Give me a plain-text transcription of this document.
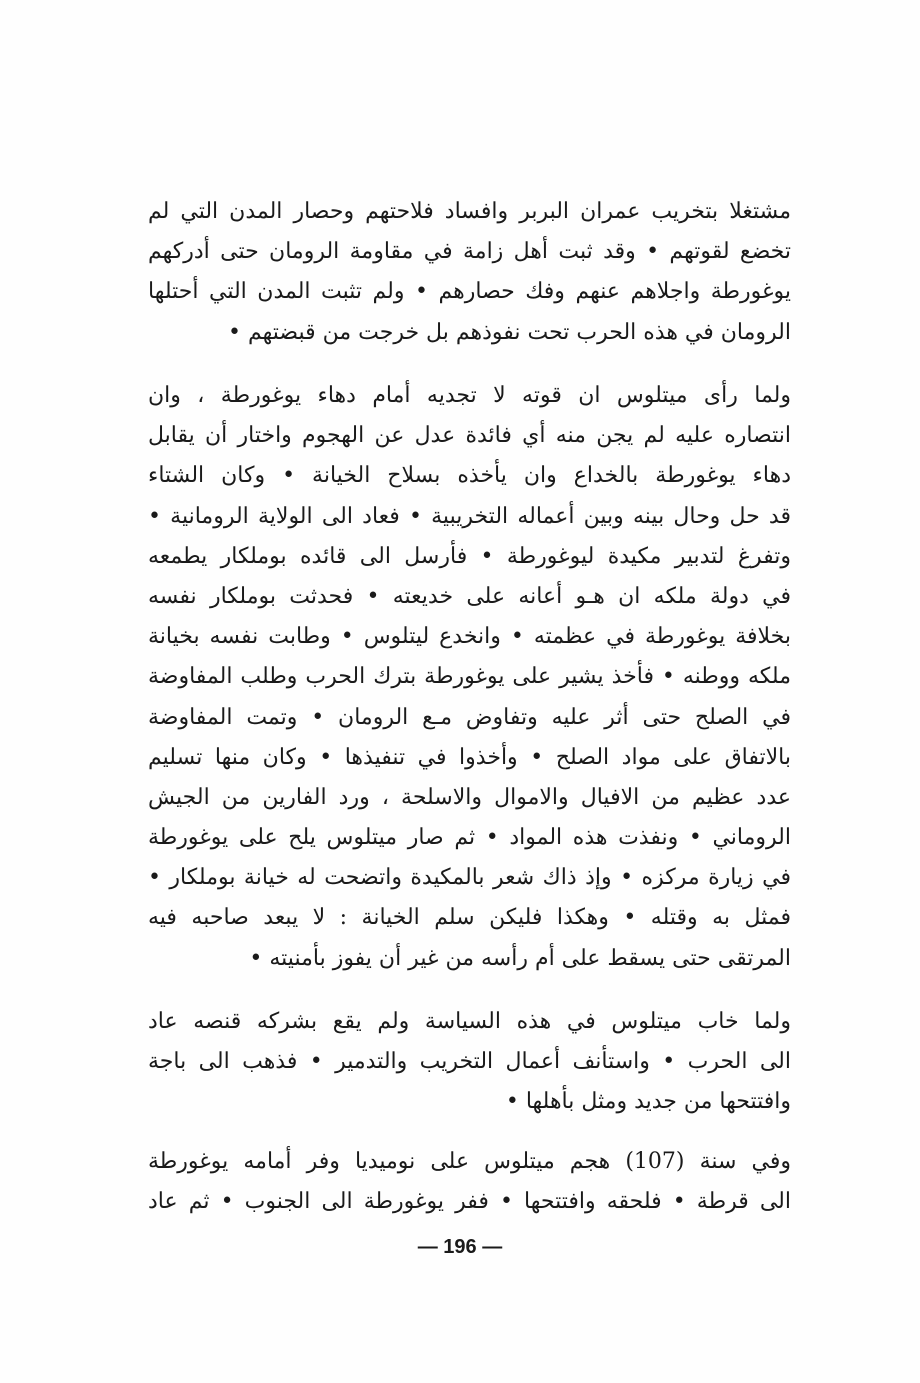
مشتغلا بتخريب عمران البربر وافساد فلاحتهم وحصار المدن التي لم
تخضع لقوتهم • وقد ثبت أهل زامة في مقاومة الرومان حتى أدركهم
يوغورطة واجلاهم عنهم وفك حصارهم • ولم تثبت المدن التي أحتلها
الرومان في هذه الحرب تحت نفوذهم بل خرجت من قبضتهم •
ولما رأى ميتلوس ان قوته لا تجديه أمام دهاء يوغورطة ، وان
انتصاره عليه لم يجن منه أي فائدة عدل عن الهجوم واختار أن يقابل
دهاء يوغورطة بالخداع وان يأخذه بسلاح الخيانة • وكان الشتاء
قد حل وحال بينه وبين أعماله التخريبية • فعاد الى الولاية الرومانية •
وتفرغ لتدبير مكيدة ليوغورطة • فأرسل الى قائده بوملكار يطمعه
في دولة ملكه ان هـو أعانه على خديعته • فحدثت بوملكار نفسه
بخلافة يوغورطة في عظمته • وانخدع ليتلوس • وطابت نفسه بخيانة
ملكه ووطنه • فأخذ يشير على يوغورطة بترك الحرب وطلب المفاوضة
في الصلح حتى أثر عليه وتفاوض مـع الرومان • وتمت المفاوضة
بالاتفاق على مواد الصلح • وأخذوا في تنفيذها • وكان منها تسليم
عدد عظيم من الافيال والاموال والاسلحة ، ورد الفارين من الجيش
الروماني • ونفذت هذه المواد • ثم صار ميتلوس يلح على يوغورطة
في زيارة مركزه • وإذ ذاك شعر بالمكيدة واتضحت له خيانة بوملكار •
فمثل به وقتله • وهكذا فليكن سلم الخيانة : لا يبعد صاحبه فيه
المرتقى حتى يسقط على أم رأسه من غير أن يفوز بأمنيته •
ولما خاب ميتلوس في هذه السياسة ولم يقع بشركه قنصه عاد
الى الحرب • واستأنف أعمال التخريب والتدمير • فذهب الى باجة
وافتتحها من جديد ومثل بأهلها •
وفي سنة (107) هجم ميتلوس على نوميديا وفر أمامه يوغورطة
الى قرطة • فلحقه وافتتحها • ففر يوغورطة الى الجنوب • ثم عاد
— 196 —
